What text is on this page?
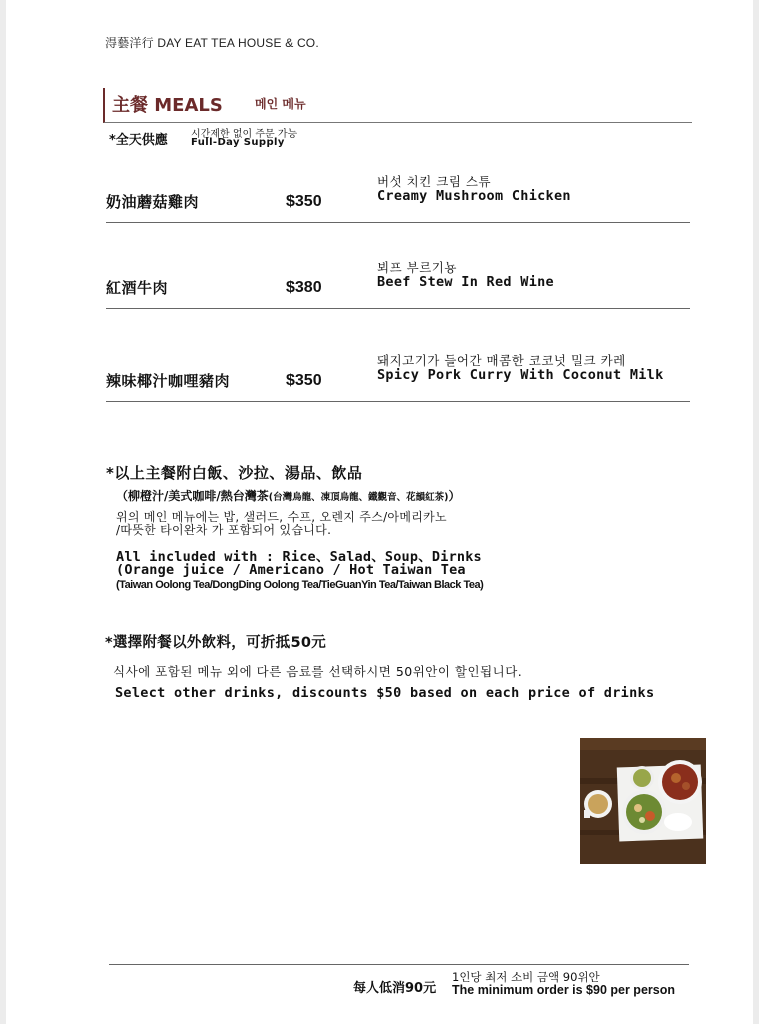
淂藝洋行 DAY EAT TEA HOUSE & CO.
主餐 MEALS	메인 메뉴
*全天供應 시간제한 없이 주문 가능
Full-Day Supply
奶油蘑菇雞肉	$350
버섯 치킨 크림 스튜
Creamy Mushroom Chicken
紅酒牛肉	$380
뵈프 부르기뇽
Beef Stew In Red Wine
辣味椰汁咖哩豬肉	$350
돼지고기가 들어간 매콤한 코코넛 밀크 카레
Spicy Pork Curry With Coconut Milk
*以上主餐附白飯、沙拉、湯品、飲品
（柳橙汁/美式咖啡/熱台灣茶(台灣烏龍、凍頂烏龍、鐵觀音、花韻紅茶)）
위의 메인 메뉴에는 밥, 샐러드, 수프, 오렌지 주스/아메리카노
/따뜻한 타이완차 가 포함되어 있습니다.
All included with : Rice、Salad、Soup、Dirnks
(Orange juice / Americano / Hot Taiwan Tea
(Taiwan Oolong Tea/DongDing Oolong Tea/TieGuanYin Tea/Taiwan Black Tea)
*選擇附餐以外飲料，可折抵50元
식사에 포함된 메뉴 외에 다른 음료를 선택하시면 50위안이 할인됩니다.
Select other drinks, discounts $50 based on each price of drinks
每人低消90元
1인당 최저 소비 금액 90위안
The minimum order is $90 per person
